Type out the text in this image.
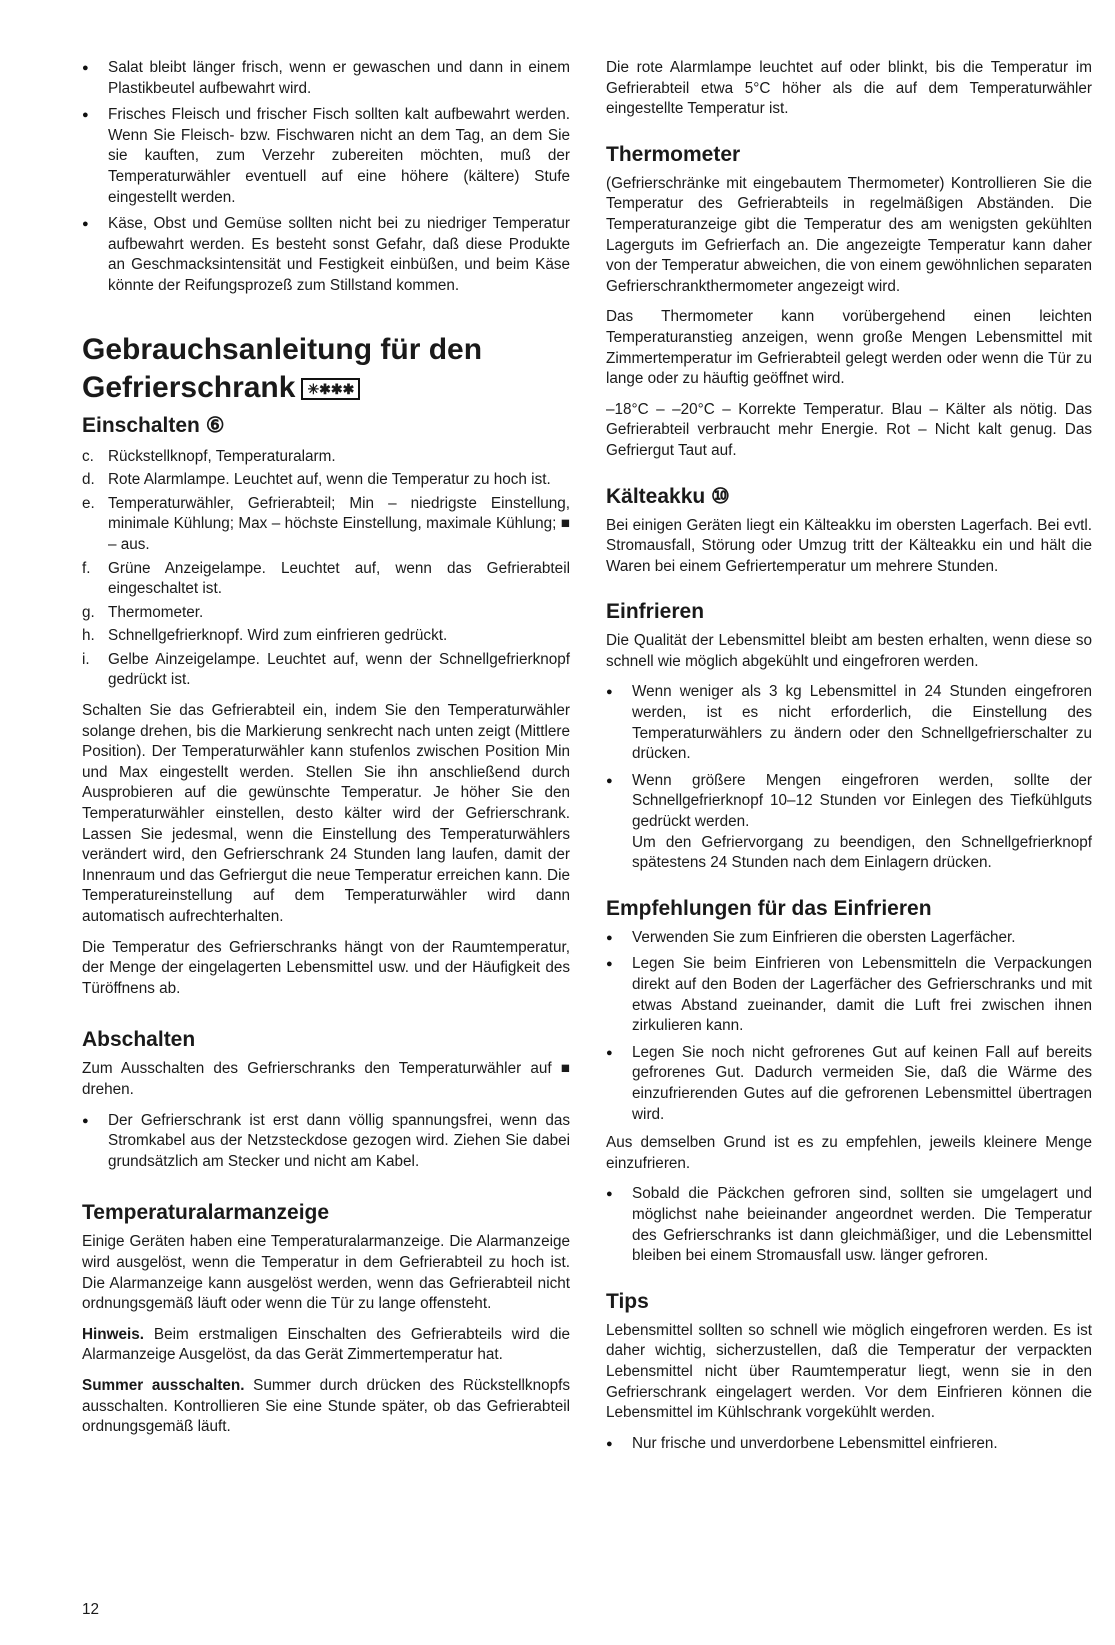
● Salat bleibt länger frisch, wenn er gewaschen und dann in einem Plastikbeutel aufbewahrt wird.
● Frisches Fleisch und frischer Fisch sollten kalt aufbewahrt werden. Wenn Sie Fleisch- bzw. Fischwaren nicht an dem Tag, an dem Sie sie kauften, zum Verzehr zubereiten möchten, muß der Temperaturwähler eventuell auf eine höhere (kältere) Stufe eingestellt werden.
● Käse, Obst und Gemüse sollten nicht bei zu niedriger Temperatur aufbewahrt werden. Es besteht sonst Gefahr, daß diese Produkte an Geschmacksintensität und Festigkeit einbüßen, und beim Käse könnte der Reifungsprozeß zum Stillstand kommen.
Gebrauchsanleitung für den
Gefrierschrank ✳✱✱✱
Einschalten ⑥
c. Rückstellknopf, Temperaturalarm.
d. Rote Alarmlampe. Leuchtet auf, wenn die Temperatur zu hoch ist.
e. Temperaturwähler, Gefrierabteil; Min – niedrigste Einstellung, minimale Kühlung; Max – höchste Einstellung, maximale Kühlung; ■ – aus.
f. Grüne Anzeigelampe. Leuchtet auf, wenn das Gefrierabteil eingeschaltet ist.
g. Thermometer.
h. Schnellgefrierknopf. Wird zum einfrieren gedrückt.
i. Gelbe Ainzeigelampe. Leuchtet auf, wenn der Schnellgefrierknopf gedrückt ist.

Schalten Sie das Gefrierabteil ein, indem Sie den Temperaturwähler solange drehen, bis die Markierung senkrecht nach unten zeigt (Mittlere Position). Der Temperaturwähler kann stufenlos zwischen Position Min und Max eingestellt werden. Stellen Sie ihn anschließend durch Ausprobieren auf die gewünschte Temperatur. Je höher Sie den Temperaturwähler einstellen, desto kälter wird der Gefrierschrank. Lassen Sie jedesmal, wenn die Einstellung des Temperaturwählers verändert wird, den Gefrierschrank 24 Stunden lang laufen, damit der Innenraum und das Gefriergut die neue Temperatur erreichen kann. Die Temperatureinstellung auf dem Temperaturwähler wird dann automatisch aufrechterhalten.

Die Temperatur des Gefrierschranks hängt von der Raumtemperatur, der Menge der eingelagerten Lebensmittel usw. und der Häufigkeit des Türöffnens ab.

Abschalten

Zum Ausschalten des Gefrierschranks den Temperaturwähler auf ■ drehen.

● Der Gefrierschrank ist erst dann völlig spannungsfrei, wenn das Stromkabel aus der Netzsteckdose gezogen wird. Ziehen Sie dabei grundsätzlich am Stecker und nicht am Kabel.
Temperaturalarmanzeige

Einige Geräten haben eine Temperaturalarmanzeige. Die Alarmanzeige wird ausgelöst, wenn die Temperatur in dem Gefrierabteil zu hoch ist. Die Alarmanzeige kann ausgelöst werden, wenn das Gefrierabteil nicht ordnungsgemäß läuft oder wenn die Tür zu lange offensteht.

Hinweis. Beim erstmaligen Einschalten des Gefrierabteils wird die Alarmanzeige Ausgelöst, da das Gerät Zimmertemperatur hat.

Summer ausschalten. Summer durch drücken des Rückstellknopfs ausschalten. Kontrollieren Sie eine Stunde später, ob das Gefrierabteil ordnungsgemäß läuft.

Die rote Alarmlampe leuchtet auf oder blinkt, bis die Temperatur im Gefrierabteil etwa 5°C höher als die auf dem Temperaturwähler eingestellte Temperatur ist.

Thermometer

(Gefrierschränke mit eingebautem Thermometer) Kontrollieren Sie die Temperatur des Gefrierabteils in regelmäßigen Abständen. Die Temperaturanzeige gibt die Temperatur des am wenigsten gekühlten Lagerguts im Gefrierfach an. Die angezeigte Temperatur kann daher von der Temperatur abweichen, die von einem gewöhnlichen separaten Gefrierschrankthermometer angezeigt wird.

Das Thermometer kann vorübergehend einen leichten Temperaturanstieg anzeigen, wenn große Mengen Lebensmittel mit Zimmertemperatur im Gefrierabteil gelegt werden oder wenn die Tür zu lange oder zu häuftig geöffnet wird.

–18°C – –20°C – Korrekte Temperatur. Blau – Kälter als nötig. Das Gefrierabteil verbraucht mehr Energie. Rot – Nicht kalt genug. Das Gefriergut Taut auf.

Kälteakku ⑩

Bei einigen Geräten liegt ein Kälteakku im obersten Lagerfach. Bei evtl. Stromausfall, Störung oder Umzug tritt der Kälteakku ein und hält die Waren bei einem Gefriertemperatur um mehrere Stunden.

Einfrieren

Die Qualität der Lebensmittel bleibt am besten erhalten, wenn diese so schnell wie möglich abgekühlt und eingefroren werden.

● Wenn weniger als 3 kg Lebensmittel in 24 Stunden eingefroren werden, ist es nicht erforderlich, die Einstellung des Temperaturwählers zu ändern oder den Schnellgefrierschalter zu drücken.
● Wenn größere Mengen eingefroren werden, sollte der Schnellgefrierknopf 10–12 Stunden vor Einlegen des Tiefkühlguts gedrückt werden.
Um den Gefriervorgang zu beendigen, den Schnellgefrierknopf spätestens 24 Stunden nach dem Einlagern drücken.
Empfehlungen für das Einfrieren
● Verwenden Sie zum Einfrieren die obersten Lagerfächer.
● Legen Sie beim Einfrieren von Lebensmitteln die Verpackungen direkt auf den Boden der Lagerfächer des Gefrierschranks und mit etwas Abstand zueinander, damit die Luft frei zwischen ihnen zirkulieren kann.
● Legen Sie noch nicht gefrorenes Gut auf keinen Fall auf bereits gefrorenes Gut. Dadurch vermeiden Sie, daß die Wärme des einzufrierenden Gutes auf die gefrorenen Lebensmittel übertragen wird.

Aus demselben Grund ist es zu empfehlen, jeweils kleinere Menge einzufrieren.

● Sobald die Päckchen gefroren sind, sollten sie umgelagert und möglichst nahe beieinander angeordnet werden. Die Temperatur des Gefrierschranks ist dann gleichmäßiger, und die Lebensmittel bleiben bei einem Stromausfall usw. länger gefroren.
Tips

Lebensmittel sollten so schnell wie möglich eingefroren werden. Es ist daher wichtig, sicherzustellen, daß die Temperatur der verpackten Lebensmittel nicht über Raumtemperatur liegt, wenn sie in den Gefrierschrank eingelagert werden. Vor dem Einfrieren können die Lebensmittel im Kühlschrank vorgekühlt werden.

● Nur frische und unverdorbene Lebensmittel einfrieren.
12
